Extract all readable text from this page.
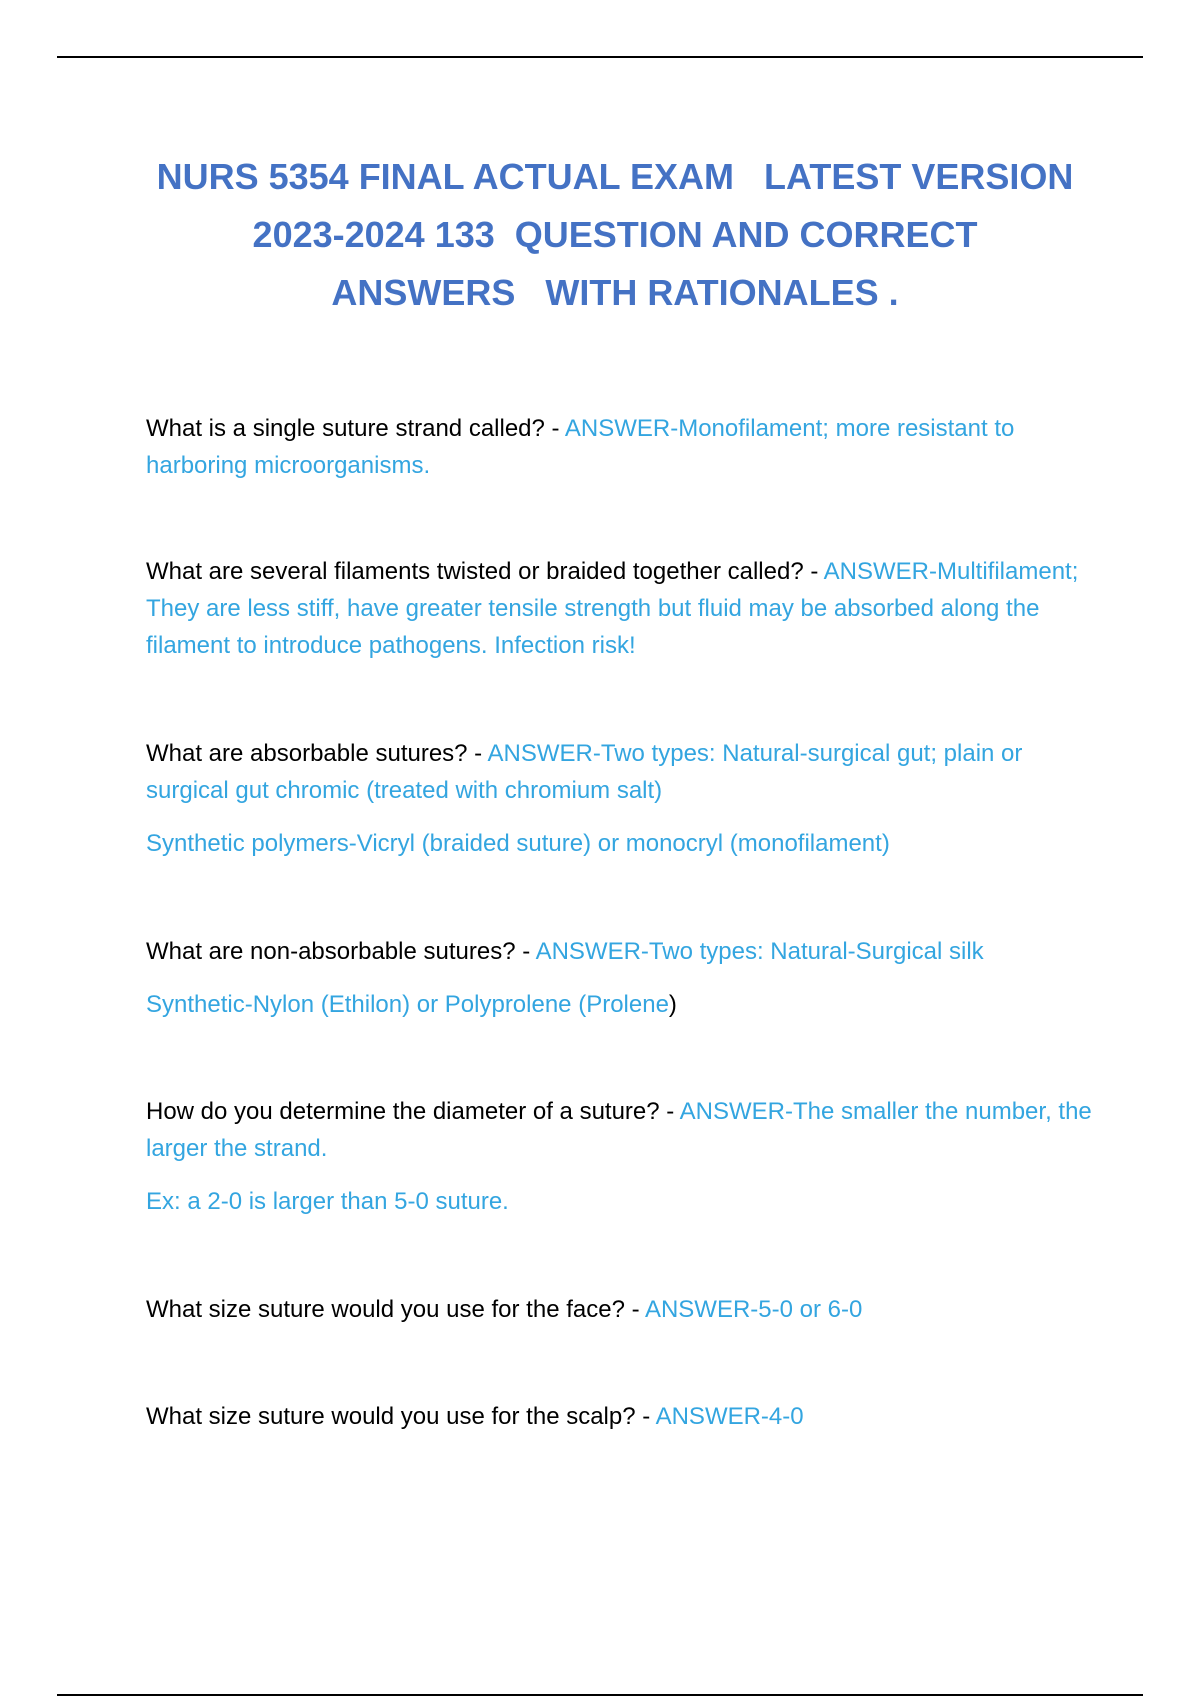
NURS 5354 FINAL ACTUAL EXAM   LATEST VERSION
2023-2024 133  QUESTION AND CORRECT
ANSWERS   WITH RATIONALES .

What is a single suture strand called? - ANSWER-Monofilament; more resistant to harboring microorganisms.

What are several filaments twisted or braided together called? - ANSWER-Multifilament; They are less stiff, have greater tensile strength but fluid may be absorbed along the filament to introduce pathogens. Infection risk!

What are absorbable sutures? - ANSWER-Two types: Natural-surgical gut; plain or surgical gut chromic (treated with chromium salt)

Synthetic polymers-Vicryl (braided suture) or monocryl (monofilament)

What are non-absorbable sutures? - ANSWER-Two types: Natural-Surgical silk

Synthetic-Nylon (Ethilon) or Polyprolene (Prolene)

How do you determine the diameter of a suture? - ANSWER-The smaller the number, the larger the strand.

Ex: a 2-0 is larger than 5-0 suture.

What size suture would you use for the face? - ANSWER-5-0 or 6-0

What size suture would you use for the scalp? - ANSWER-4-0
